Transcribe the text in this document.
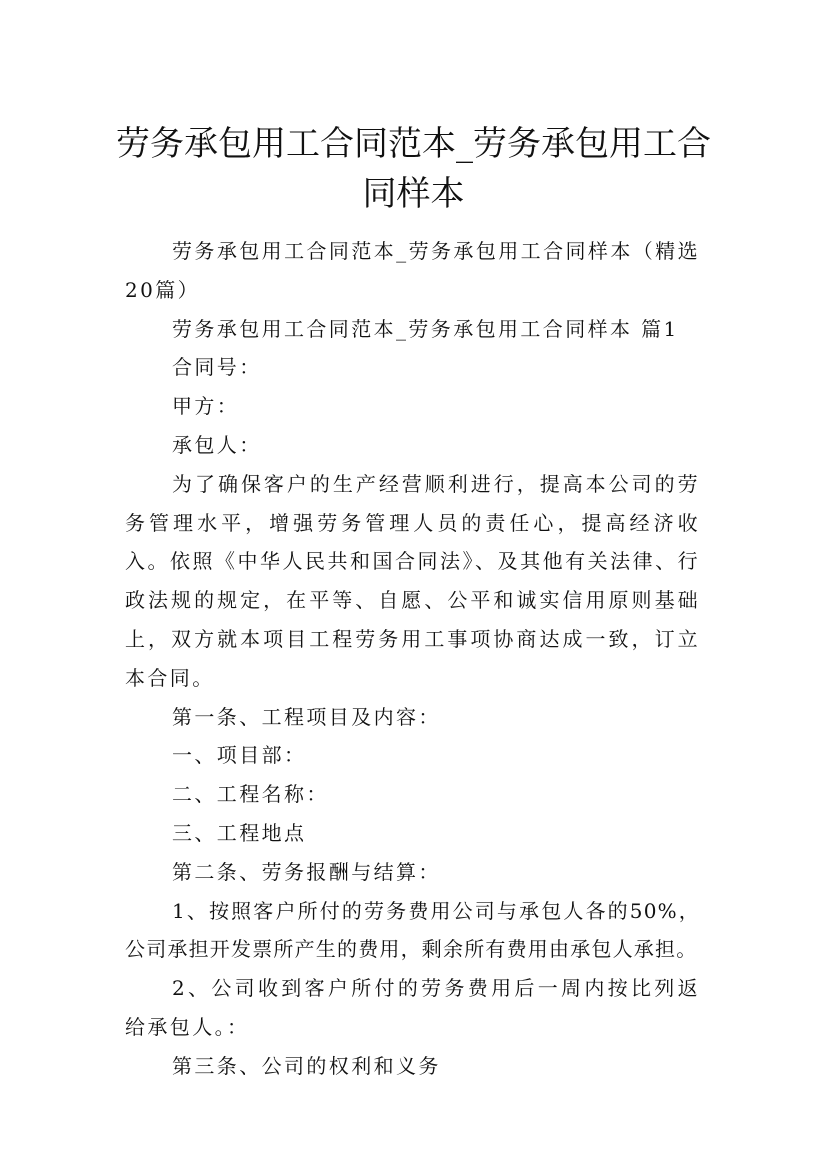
劳务承包用工合同范本_劳务承包用工合同样本

劳务承包用工合同范本_劳务承包用工合同样本（精选20篇）

劳务承包用工合同范本_劳务承包用工合同样本 篇1

合同号：

甲方：

承包人：

为了确保客户的生产经营顺利进行，提高本公司的劳务管理水平，增强劳务管理人员的责任心，提高经济收入。依照《中华人民共和国合同法》、及其他有关法律、行政法规的规定，在平等、自愿、公平和诚实信用原则基础上，双方就本项目工程劳务用工事项协商达成一致，订立本合同。

第一条、工程项目及内容：

一、项目部：

二、工程名称：

三、工程地点

第二条、劳务报酬与结算：

1、按照客户所付的劳务费用公司与承包人各的50%，公司承担开发票所产生的费用，剩余所有费用由承包人承担。

2、公司收到客户所付的劳务费用后一周内按比列返给承包人。：

第三条、公司的权利和义务
